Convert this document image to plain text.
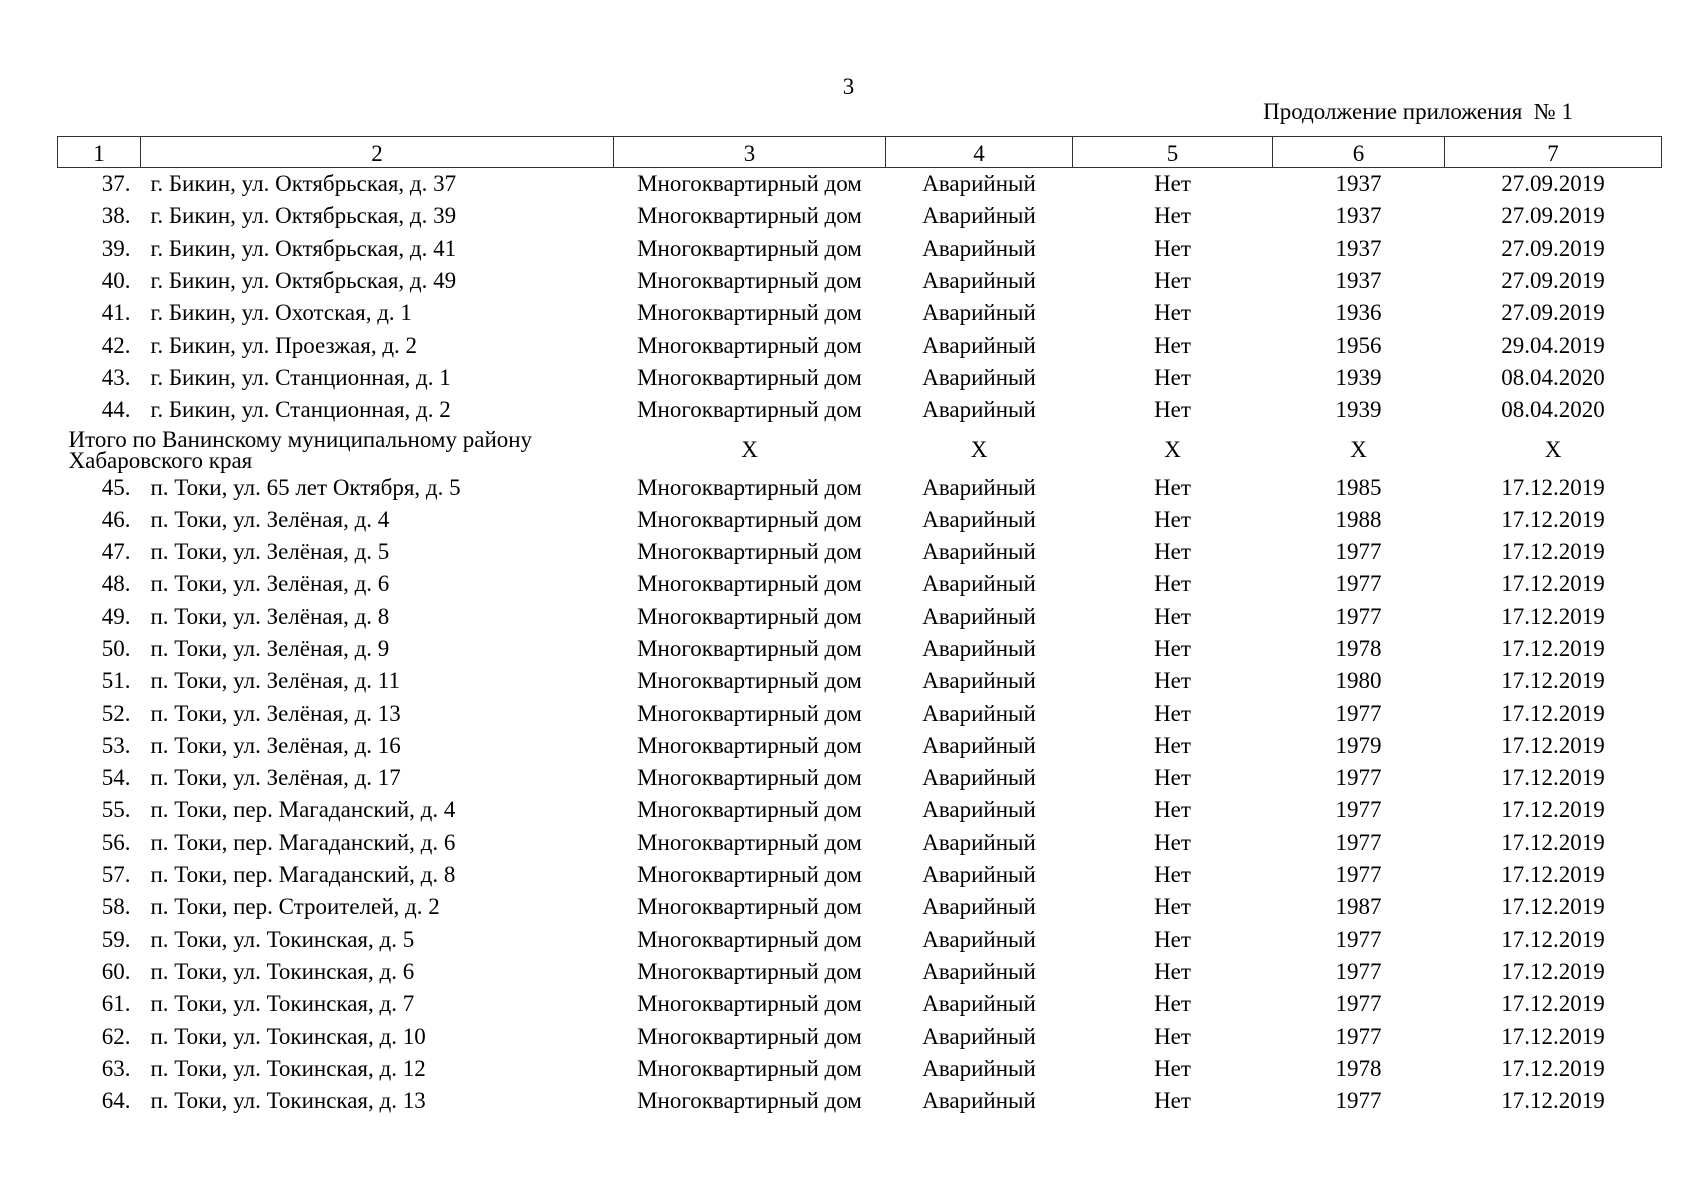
3
Продолжение приложения  № 1
1	2	3	4	5	6	7
37.	г. Бикин, ул. Октябрьская, д. 37	Многоквартирный дом	Аварийный	Нет	1937	27.09.2019
38.	г. Бикин, ул. Октябрьская, д. 39	Многоквартирный дом	Аварийный	Нет	1937	27.09.2019
39.	г. Бикин, ул. Октябрьская, д. 41	Многоквартирный дом	Аварийный	Нет	1937	27.09.2019
40.	г. Бикин, ул. Октябрьская, д. 49	Многоквартирный дом	Аварийный	Нет	1937	27.09.2019
41.	г. Бикин, ул. Охотская, д. 1	Многоквартирный дом	Аварийный	Нет	1936	27.09.2019
42.	г. Бикин, ул. Проезжая, д. 2	Многоквартирный дом	Аварийный	Нет	1956	29.04.2019
43.	г. Бикин, ул. Станционная, д. 1	Многоквартирный дом	Аварийный	Нет	1939	08.04.2020
44.	г. Бикин, ул. Станционная, д. 2	Многоквартирный дом	Аварийный	Нет	1939	08.04.2020
Итого по Ванинскому муниципальному району Хабаровского края		X	X	X	X	X
45.	п. Токи, ул. 65 лет Октября, д. 5	Многоквартирный дом	Аварийный	Нет	1985	17.12.2019
46.	п. Токи, ул. Зелёная, д. 4	Многоквартирный дом	Аварийный	Нет	1988	17.12.2019
47.	п. Токи, ул. Зелёная, д. 5	Многоквартирный дом	Аварийный	Нет	1977	17.12.2019
48.	п. Токи, ул. Зелёная, д. 6	Многоквартирный дом	Аварийный	Нет	1977	17.12.2019
49.	п. Токи, ул. Зелёная, д. 8	Многоквартирный дом	Аварийный	Нет	1977	17.12.2019
50.	п. Токи, ул. Зелёная, д. 9	Многоквартирный дом	Аварийный	Нет	1978	17.12.2019
51.	п. Токи, ул. Зелёная, д. 11	Многоквартирный дом	Аварийный	Нет	1980	17.12.2019
52.	п. Токи, ул. Зелёная, д. 13	Многоквартирный дом	Аварийный	Нет	1977	17.12.2019
53.	п. Токи, ул. Зелёная, д. 16	Многоквартирный дом	Аварийный	Нет	1979	17.12.2019
54.	п. Токи, ул. Зелёная, д. 17	Многоквартирный дом	Аварийный	Нет	1977	17.12.2019
55.	п. Токи, пер. Магаданский, д. 4	Многоквартирный дом	Аварийный	Нет	1977	17.12.2019
56.	п. Токи, пер. Магаданский, д. 6	Многоквартирный дом	Аварийный	Нет	1977	17.12.2019
57.	п. Токи, пер. Магаданский, д. 8	Многоквартирный дом	Аварийный	Нет	1977	17.12.2019
58.	п. Токи, пер. Строителей, д. 2	Многоквартирный дом	Аварийный	Нет	1987	17.12.2019
59.	п. Токи, ул. Токинская, д. 5	Многоквартирный дом	Аварийный	Нет	1977	17.12.2019
60.	п. Токи, ул. Токинская, д. 6	Многоквартирный дом	Аварийный	Нет	1977	17.12.2019
61.	п. Токи, ул. Токинская, д. 7	Многоквартирный дом	Аварийный	Нет	1977	17.12.2019
62.	п. Токи, ул. Токинская, д. 10	Многоквартирный дом	Аварийный	Нет	1977	17.12.2019
63.	п. Токи, ул. Токинская, д. 12	Многоквартирный дом	Аварийный	Нет	1978	17.12.2019
64.	п. Токи, ул. Токинская, д. 13	Многоквартирный дом	Аварийный	Нет	1977	17.12.2019
